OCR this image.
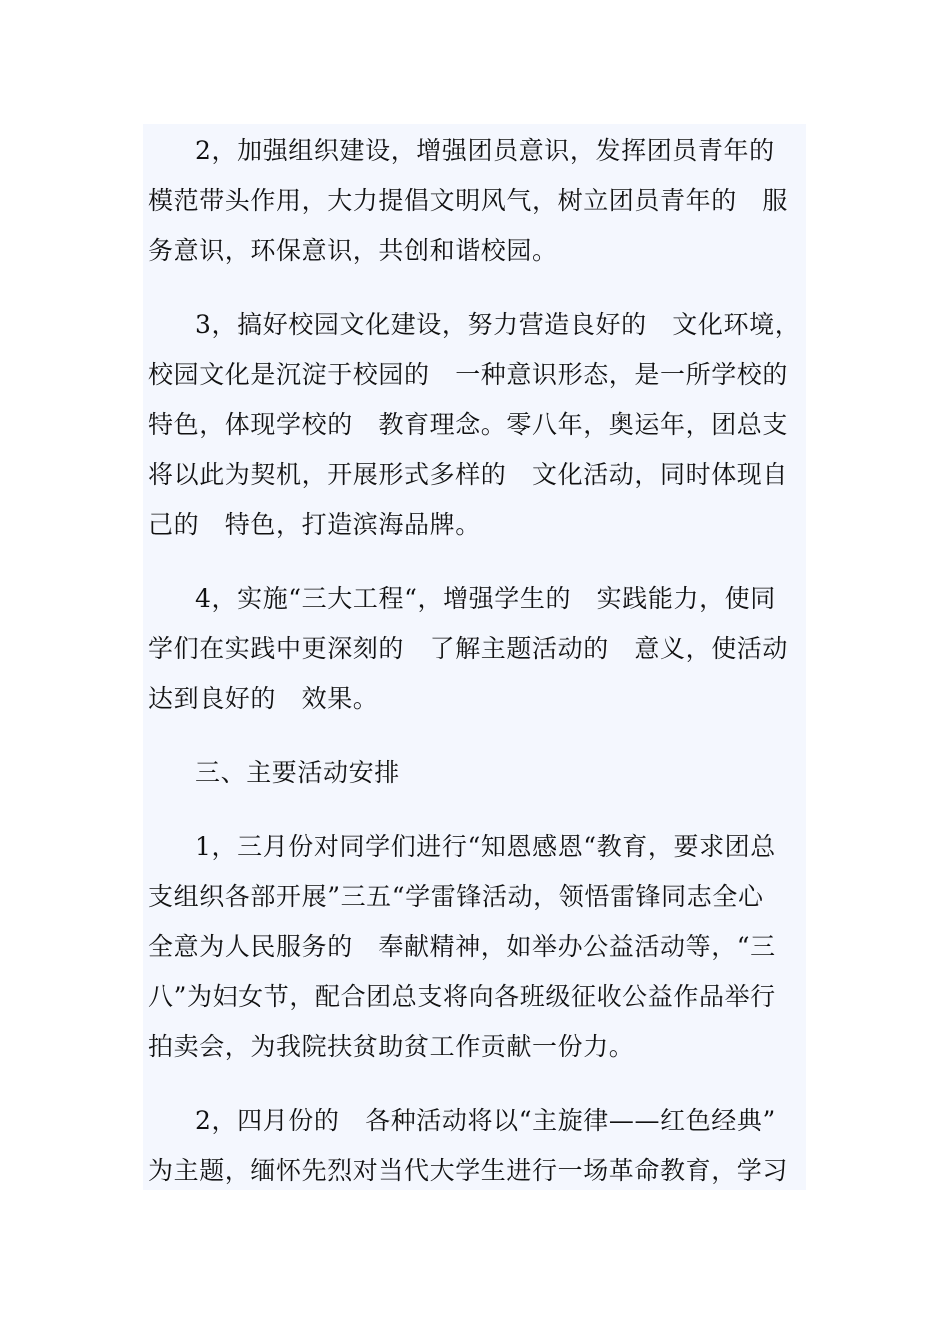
2，加强组织建设，增强团员意识，发挥团员青年的
模范带头作用，大力提倡文明风气，树立团员青年的　服
务意识，环保意识，共创和谐校园。
3，搞好校园文化建设，努力营造良好的　文化环境，
校园文化是沉淀于校园的　一种意识形态，是一所学校的
特色，体现学校的　教育理念。零八年，奥运年，团总支
将以此为契机，开展形式多样的　文化活动，同时体现自
己的　特色，打造滨海品牌。
4，实施“三大工程“，增强学生的　实践能力，使同
学们在实践中更深刻的　了解主题活动的　意义，使活动
达到良好的　效果。
三、主要活动安排
1，三月份对同学们进行“知恩感恩“教育，要求团总
支组织各部开展”三五“学雷锋活动，领悟雷锋同志全心
全意为人民服务的　奉献精神，如举办公益活动等，“三
八”为妇女节，配合团总支将向各班级征收公益作品举行
拍卖会，为我院扶贫助贫工作贡献一份力。
2，四月份的　各种活动将以“主旋律——红色经典”
为主题，缅怀先烈对当代大学生进行一场革命教育，学习
